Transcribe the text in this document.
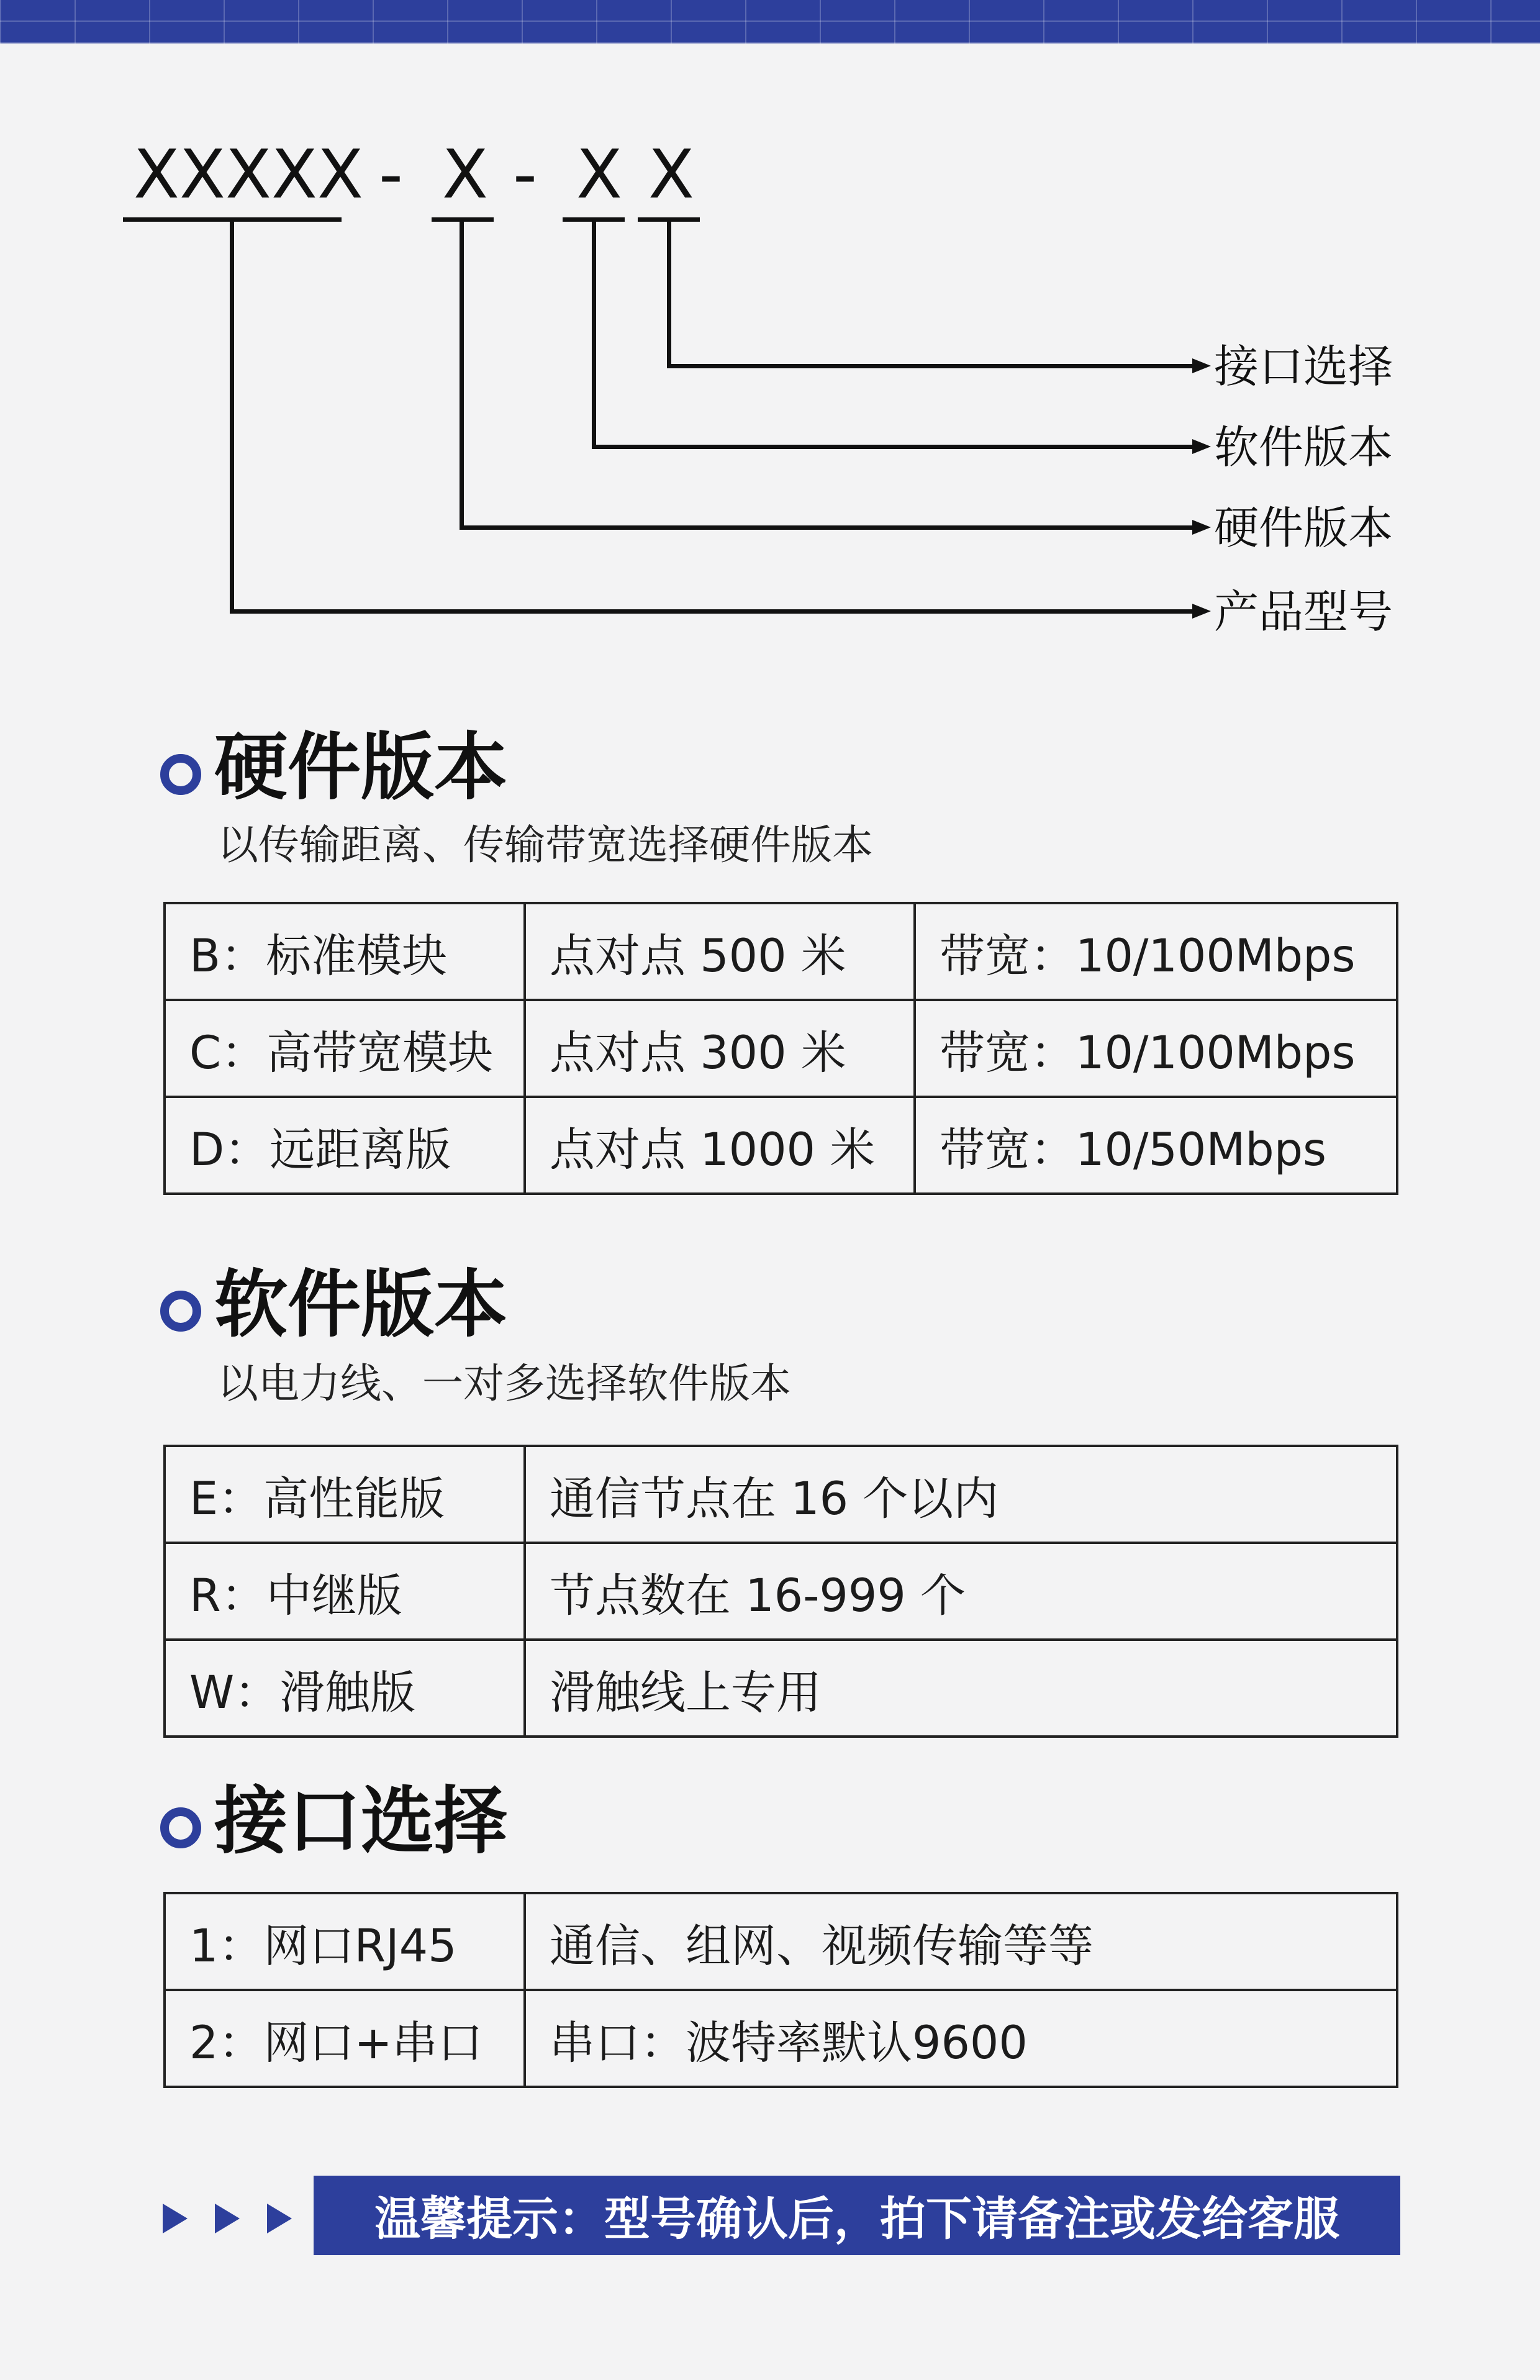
XXXXX - X - X X
接口选择
软件版本
硬件版本
产品型号
硬件版本
以传输距离、传输带宽选择硬件版本
B：标准模块	点对点 500 米	带宽：10/100Mbps
C：高带宽模块	点对点 300 米	带宽：10/100Mbps
D：远距离版	点对点 1000 米	带宽：10/50Mbps
软件版本
以电力线、一对多选择软件版本
E：高性能版	通信节点在 16 个以内
R：中继版	节点数在 16-999 个
W：滑触版	滑触线上专用
接口选择
1：网口RJ45	通信、组网、视频传输等等
2：网口+串口	串口：波特率默认9600
温馨提示：型号确认后，拍下请备注或发给客服
